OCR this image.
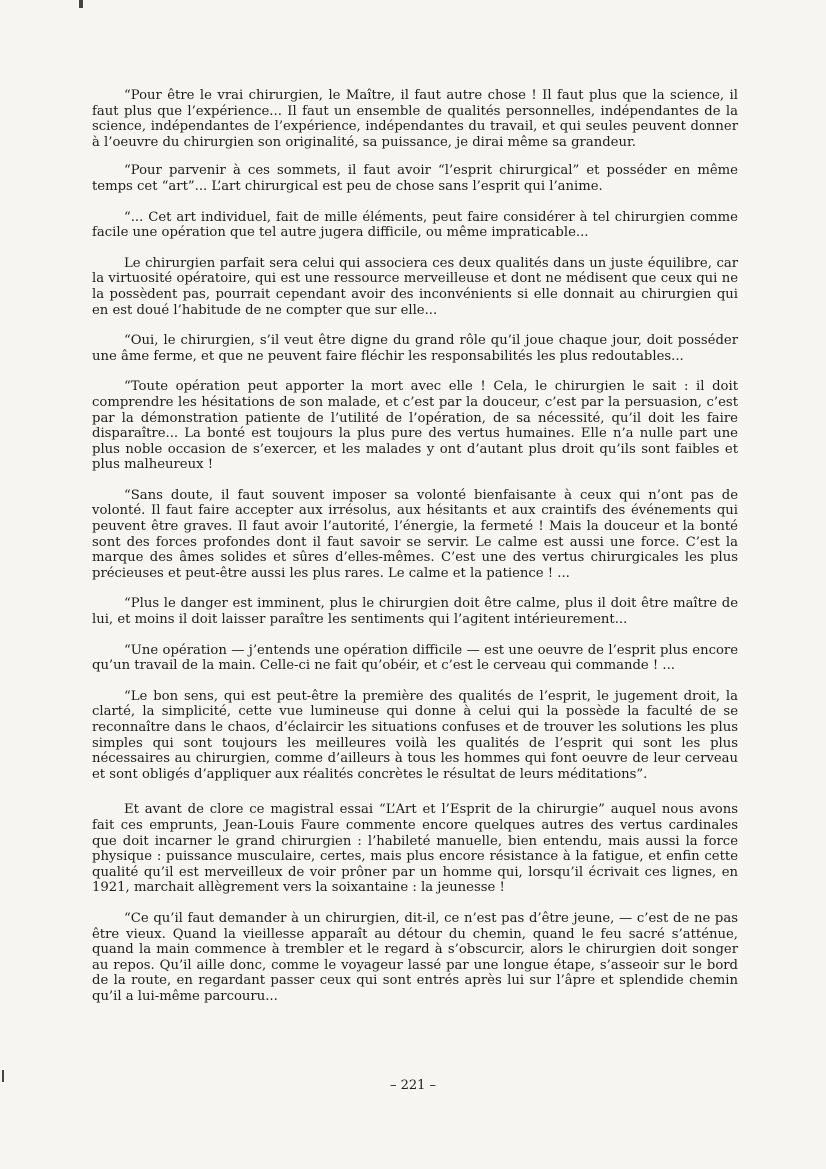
“Pour être le vrai chirurgien, le Maître, il faut autre chose ! Il faut plus que la science, il faut plus que l’expérience... Il faut un ensemble de qualités personnelles, indépendantes de la science, indépendantes de l’expérience, indépendantes du travail, et qui seules peuvent donner à l’oeuvre du chirurgien son originalité, sa puissance, je dirai même sa grandeur.

“Pour parvenir à ces sommets, il faut avoir “l’esprit chirurgical” et posséder en même temps cet “art”... L’art chirurgical est peu de chose sans l’esprit qui l’anime.

“... Cet art individuel, fait de mille éléments, peut faire considérer à tel chirurgien comme facile une opération que tel autre jugera difficile, ou même impraticable...

Le chirurgien parfait sera celui qui associera ces deux qualités dans un juste équilibre, car la virtuosité opératoire, qui est une ressource merveilleuse et dont ne médisent que ceux qui ne la possèdent pas, pourrait cependant avoir des inconvénients si elle donnait au chirurgien qui en est doué l’habitude de ne compter que sur elle...

“Oui, le chirurgien, s’il veut être digne du grand rôle qu’il joue chaque jour, doit posséder une âme ferme, et que ne peuvent faire fléchir les responsabilités les plus redoutables...

“Toute opération peut apporter la mort avec elle ! Cela, le chirurgien le sait : il doit comprendre les hésitations de son malade, et c’est par la douceur, c’est par la persuasion, c’est par la démonstration patiente de l’utilité de l’opération, de sa nécessité, qu’il doit les faire disparaître... La bonté est toujours la plus pure des vertus humaines. Elle n’a nulle part une plus noble occasion de s’exercer, et les malades y ont d’autant plus droit qu’ils sont faibles et plus malheureux !

“Sans doute, il faut souvent imposer sa volonté bienfaisante à ceux qui n’ont pas de volonté. Il faut faire accepter aux irrésolus, aux hésitants et aux craintifs des événements qui peuvent être graves. Il faut avoir l’autorité, l’énergie, la fermeté ! Mais la douceur et la bonté sont des forces profondes dont il faut savoir se servir. Le calme est aussi une force. C’est la marque des âmes solides et sûres d’elles-mêmes. C’est une des vertus chirurgicales les plus précieuses et peut-être aussi les plus rares. Le calme et la patience ! ...

“Plus le danger est imminent, plus le chirurgien doit être calme, plus il doit être maître de lui, et moins il doit laisser paraître les sentiments qui l’agitent intérieurement...

“Une opération — j’entends une opération difficile — est une oeuvre de l’esprit plus encore qu’un travail de la main. Celle-ci ne fait qu’obéir, et c’est le cerveau qui commande ! ...

“Le bon sens, qui est peut-être la première des qualités de l’esprit, le jugement droit, la clarté, la simplicité, cette vue lumineuse qui donne à celui qui la possède la faculté de se reconnaître dans le chaos, d’éclaircir les situations confuses et de trouver les solutions les plus simples qui sont toujours les meilleures voilà les qualités de l’esprit qui sont les plus nécessaires au chirurgien, comme d’ailleurs à tous les hommes qui font oeuvre de leur cerveau et sont obligés d’appliquer aux réalités concrètes le résultat de leurs méditations”.

Et avant de clore ce magistral essai “L’Art et l’Esprit de la chirurgie” auquel nous avons fait ces emprunts, Jean-Louis Faure commente encore quelques autres des vertus cardinales que doit incarner le grand chirurgien : l’habileté manuelle, bien entendu, mais aussi la force physique : puissance musculaire, certes, mais plus encore résistance à la fatigue, et enfin cette qualité qu’il est merveilleux de voir prôner par un homme qui, lorsqu’il écrivait ces lignes, en 1921, marchait allègrement vers la soixantaine : la jeunesse !

“Ce qu’il faut demander à un chirurgien, dit-il, ce n’est pas d’être jeune, — c’est de ne pas être vieux. Quand la vieillesse apparaît au détour du chemin, quand le feu sacré s’atténue, quand la main commence à trembler et le regard à s’obscurcir, alors le chirurgien doit songer au repos. Qu’il aille donc, comme le voyageur lassé par une longue étape, s’asseoir sur le bord de la route, en regardant passer ceux qui sont entrés après lui sur l’âpre et splendide chemin qu’il a lui-même parcouru...

– 221 –
